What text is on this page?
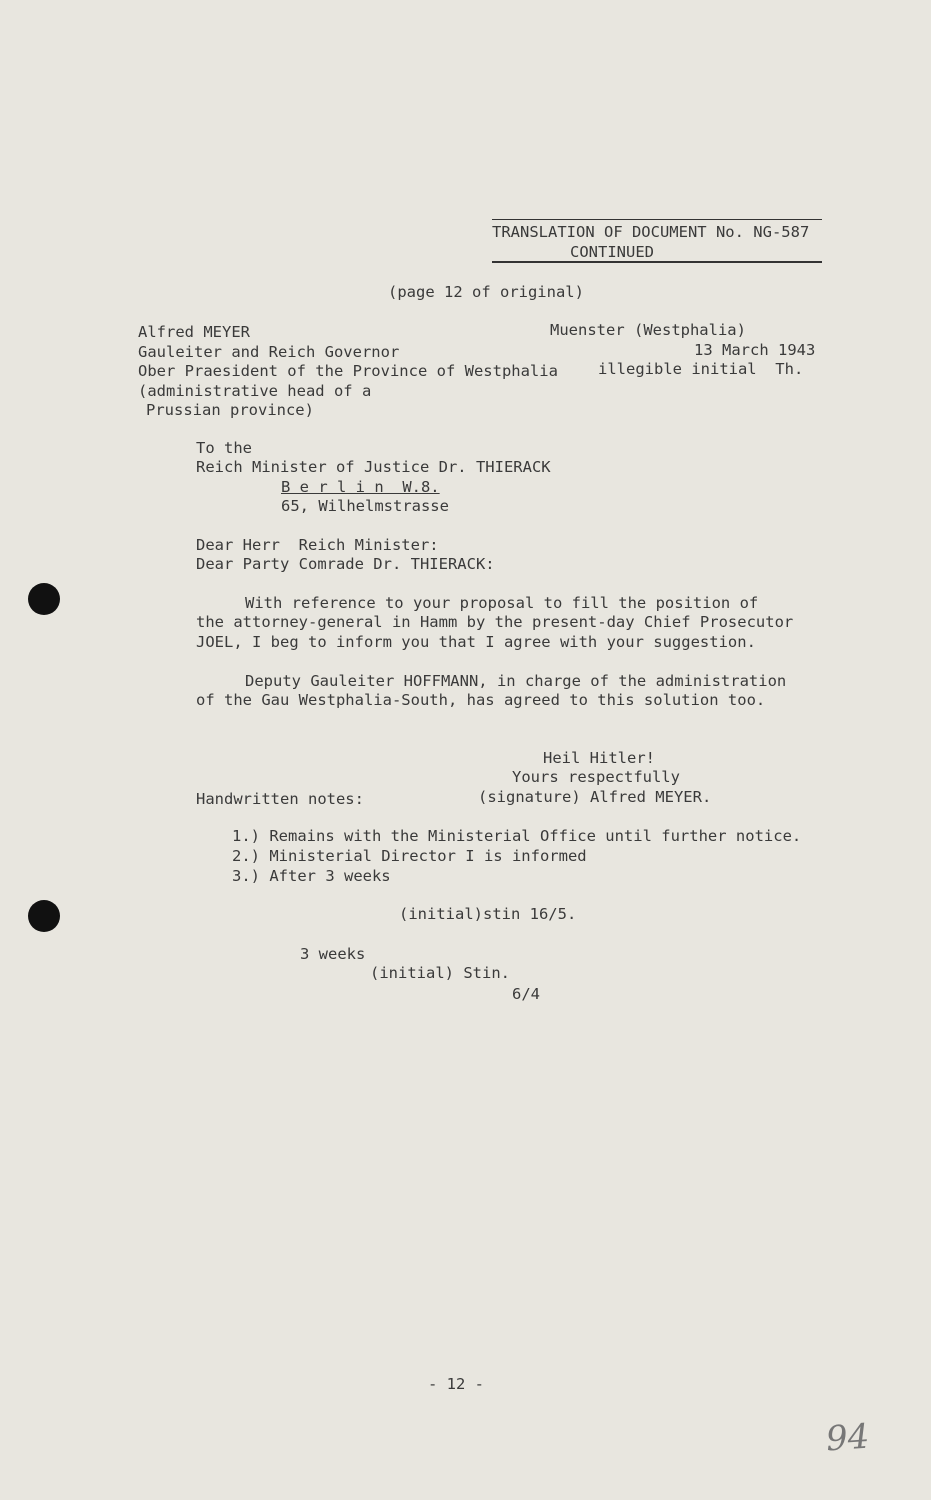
TRANSLATION OF DOCUMENT No. NG-587
CONTINUED
(page 12 of original)
Alfred MEYER
Gauleiter and Reich Governor
Ober Praesident of the Province of Westphalia
(administrative head of a
Prussian province)
Muenster (Westphalia)
13 March 1943
illegible initial  Th.
To the
Reich Minister of Justice Dr. THIERACK
B e r l i n  W.8.
65, Wilhelmstrasse
Dear Herr  Reich Minister:
Dear Party Comrade Dr. THIERACK:
With reference to your proposal to fill the position of
the attorney-general in Hamm by the present-day Chief Prosecutor
JOEL, I beg to inform you that I agree with your suggestion.
Deputy Gauleiter HOFFMANN, in charge of the administration
of the Gau Westphalia-South, has agreed to this solution too.
Heil Hitler!
Yours respectfully
Handwritten notes:	(signature) Alfred MEYER.
1.) Remains with the Ministerial Office until further notice.
2.) Ministerial Director I is informed
3.) After 3 weeks
(initial)stin 16/5.
3 weeks
(initial) Stin.
6/4
- 12 -
94
